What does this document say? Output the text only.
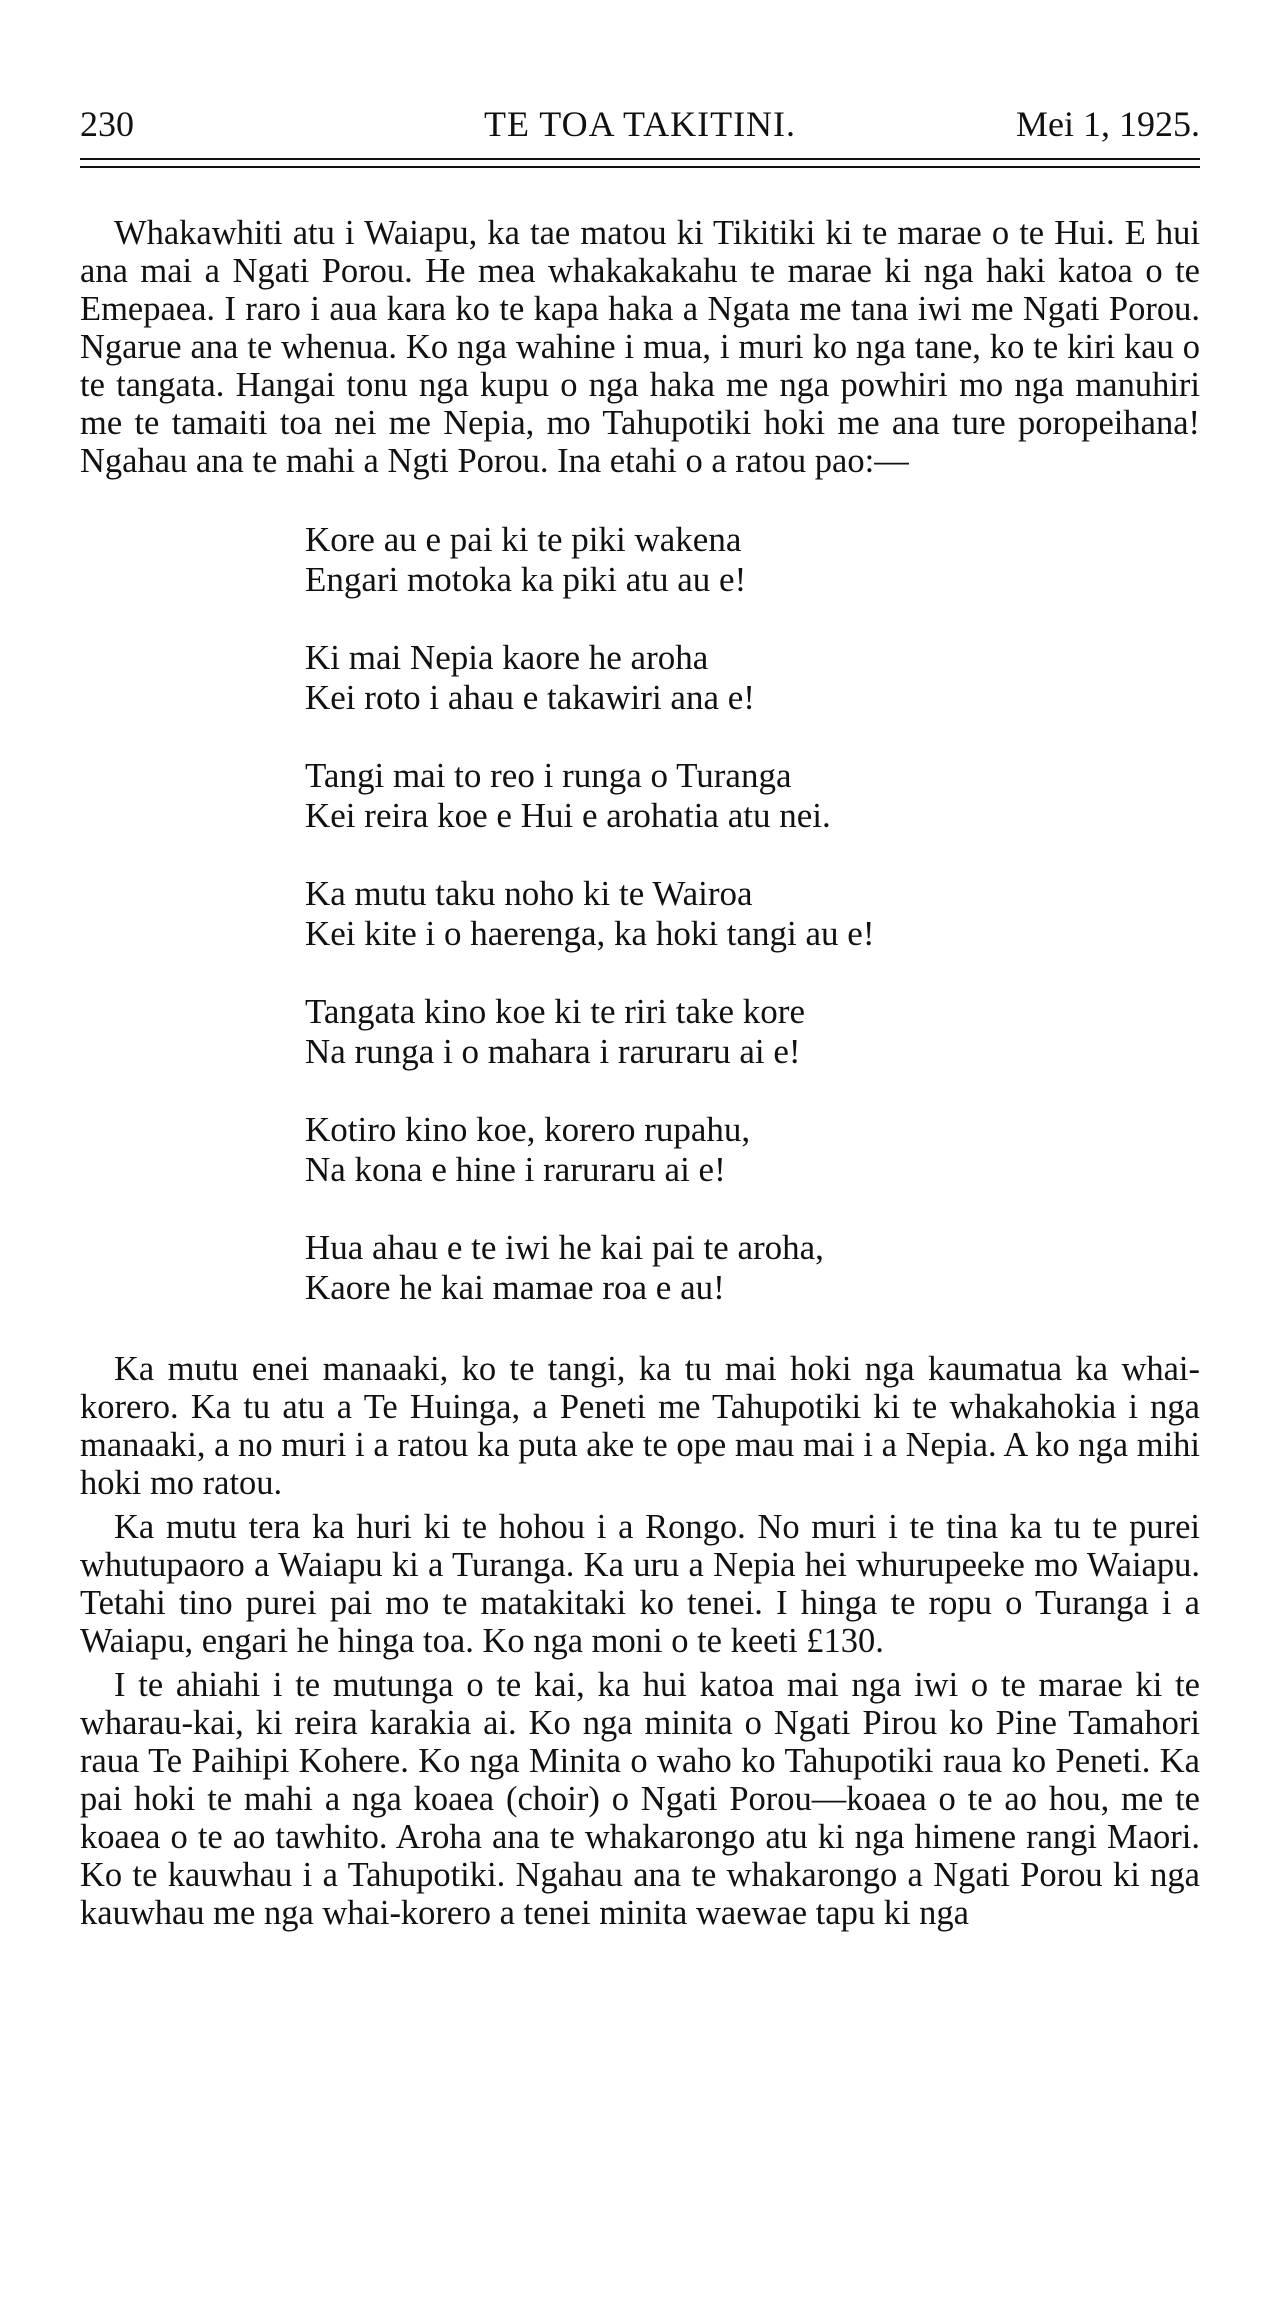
230	TE TOA TAKITINI.	Mei 1, 1925.

Whakawhiti atu i Waiapu, ka tae matou ki Tikitiki ki te marae o te Hui. E hui ana mai a Ngati Porou. He mea whakakakahu te marae ki nga haki katoa o te Emepaea. I raro i aua kara ko te kapa haka a Ngata me tana iwi me Ngati Porou. Ngarue ana te whenua. Ko nga wahine i mua, i muri ko nga tane, ko te kiri kau o te tangata. Hangai tonu nga kupu o nga haka me nga powhiri mo nga manuhiri me te tamaiti toa nei me Nepia, mo Tahupotiki hoki me ana ture poropeihana! Ngahau ana te mahi a Ngti Porou. Ina etahi o a ratou pao:—

Kore au e pai ki te piki wakena
Engari motoka ka piki atu au e!
Ki mai Nepia kaore he aroha
Kei roto i ahau e takawiri ana e!
Tangi mai to reo i runga o Turanga
Kei reira koe e Hui e arohatia atu nei.
Ka mutu taku noho ki te Wairoa
Kei kite i o haerenga, ka hoki tangi au e!
Tangata kino koe ki te riri take kore
Na runga i o mahara i raruraru ai e!
Kotiro kino koe, korero rupahu,
Na kona e hine i raruraru ai e!
Hua ahau e te iwi he kai pai te aroha,
Kaore he kai mamae roa e au!

Ka mutu enei manaaki, ko te tangi, ka tu mai hoki nga kaumatua ka whai-korero. Ka tu atu a Te Huinga, a Peneti me Tahupotiki ki te whakahokia i nga manaaki, a no muri i a ratou ka puta ake te ope mau mai i a Nepia. A ko nga mihi hoki mo ratou.

Ka mutu tera ka huri ki te hohou i a Rongo. No muri i te tina ka tu te purei whutupaoro a Waiapu ki a Turanga. Ka uru a Nepia hei whurupeeke mo Waiapu. Tetahi tino purei pai mo te matakitaki ko tenei. I hinga te ropu o Turanga i a Waiapu, engari he hinga toa. Ko nga moni o te keeti £130.

I te ahiahi i te mutunga o te kai, ka hui katoa mai nga iwi o te marae ki te wharau-kai, ki reira karakia ai. Ko nga minita o Ngati Pirou ko Pine Tamahori raua Te Paihipi Kohere. Ko nga Minita o waho ko Tahupotiki raua ko Peneti. Ka pai hoki te mahi a nga koaea (choir) o Ngati Porou—koaea o te ao hou, me te koaea o te ao tawhito. Aroha ana te whakarongo atu ki nga himene rangi Maori. Ko te kauwhau i a Tahupotiki. Ngahau ana te whakarongo a Ngati Porou ki nga kauwhau me nga whai-korero a tenei minita waewae tapu ki nga
